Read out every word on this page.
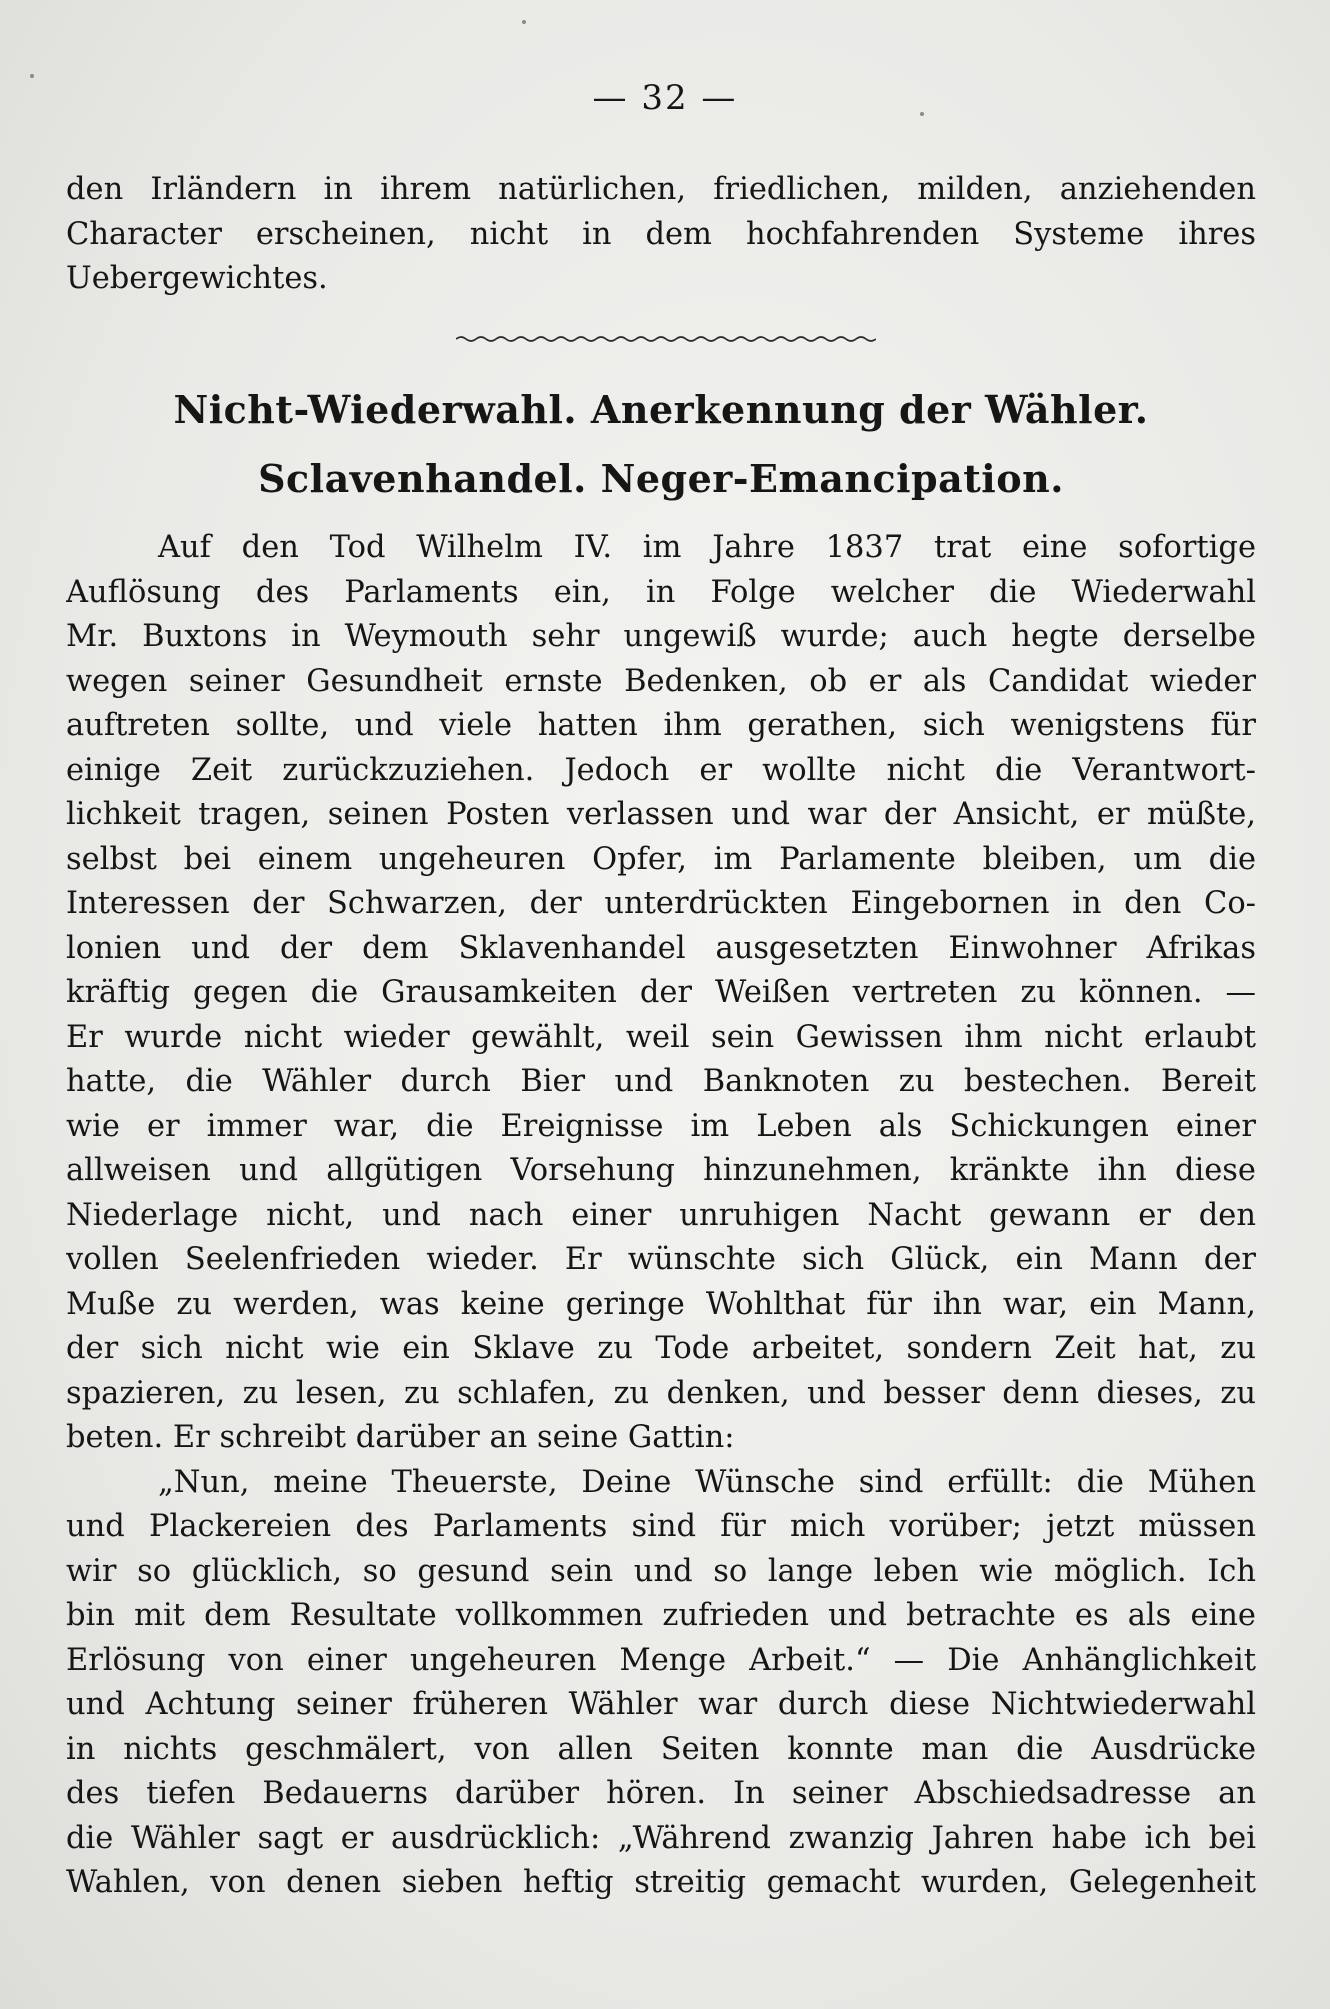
— 32 —
den Irländern in ihrem natürlichen, friedlichen, milden, anziehenden
Character erscheinen, nicht in dem hochfahrenden Systeme ihres
Uebergewichtes.
Nicht-Wiederwahl. Anerkennung der Wähler.
Sclavenhandel. Neger-Emancipation.
Auf den Tod Wilhelm IV. im Jahre 1837 trat eine sofortige
Auflösung des Parlaments ein, in Folge welcher die Wiederwahl
Mr. Buxtons in Weymouth sehr ungewiß wurde; auch hegte derselbe
wegen seiner Gesundheit ernste Bedenken, ob er als Candidat wieder
auftreten sollte, und viele hatten ihm gerathen, sich wenigstens für
einige Zeit zurückzuziehen. Jedoch er wollte nicht die Verantwort-
lichkeit tragen, seinen Posten verlassen und war der Ansicht, er müßte,
selbst bei einem ungeheuren Opfer, im Parlamente bleiben, um die
Interessen der Schwarzen, der unterdrückten Eingebornen in den Co-
lonien und der dem Sklavenhandel ausgesetzten Einwohner Afrikas
kräftig gegen die Grausamkeiten der Weißen vertreten zu können. —
Er wurde nicht wieder gewählt, weil sein Gewissen ihm nicht erlaubt
hatte, die Wähler durch Bier und Banknoten zu bestechen. Bereit
wie er immer war, die Ereignisse im Leben als Schickungen einer
allweisen und allgütigen Vorsehung hinzunehmen, kränkte ihn diese
Niederlage nicht, und nach einer unruhigen Nacht gewann er den
vollen Seelenfrieden wieder. Er wünschte sich Glück, ein Mann der
Muße zu werden, was keine geringe Wohlthat für ihn war, ein Mann,
der sich nicht wie ein Sklave zu Tode arbeitet, sondern Zeit hat, zu
spazieren, zu lesen, zu schlafen, zu denken, und besser denn dieses, zu
beten. Er schreibt darüber an seine Gattin:
„Nun, meine Theuerste, Deine Wünsche sind erfüllt: die Mühen
und Plackereien des Parlaments sind für mich vorüber; jetzt müssen
wir so glücklich, so gesund sein und so lange leben wie möglich. Ich
bin mit dem Resultate vollkommen zufrieden und betrachte es als eine
Erlösung von einer ungeheuren Menge Arbeit.“ — Die Anhänglichkeit
und Achtung seiner früheren Wähler war durch diese Nichtwiederwahl
in nichts geschmälert, von allen Seiten konnte man die Ausdrücke
des tiefen Bedauerns darüber hören. In seiner Abschiedsadresse an
die Wähler sagt er ausdrücklich: „Während zwanzig Jahren habe ich bei
Wahlen, von denen sieben heftig streitig gemacht wurden, Gelegenheit
